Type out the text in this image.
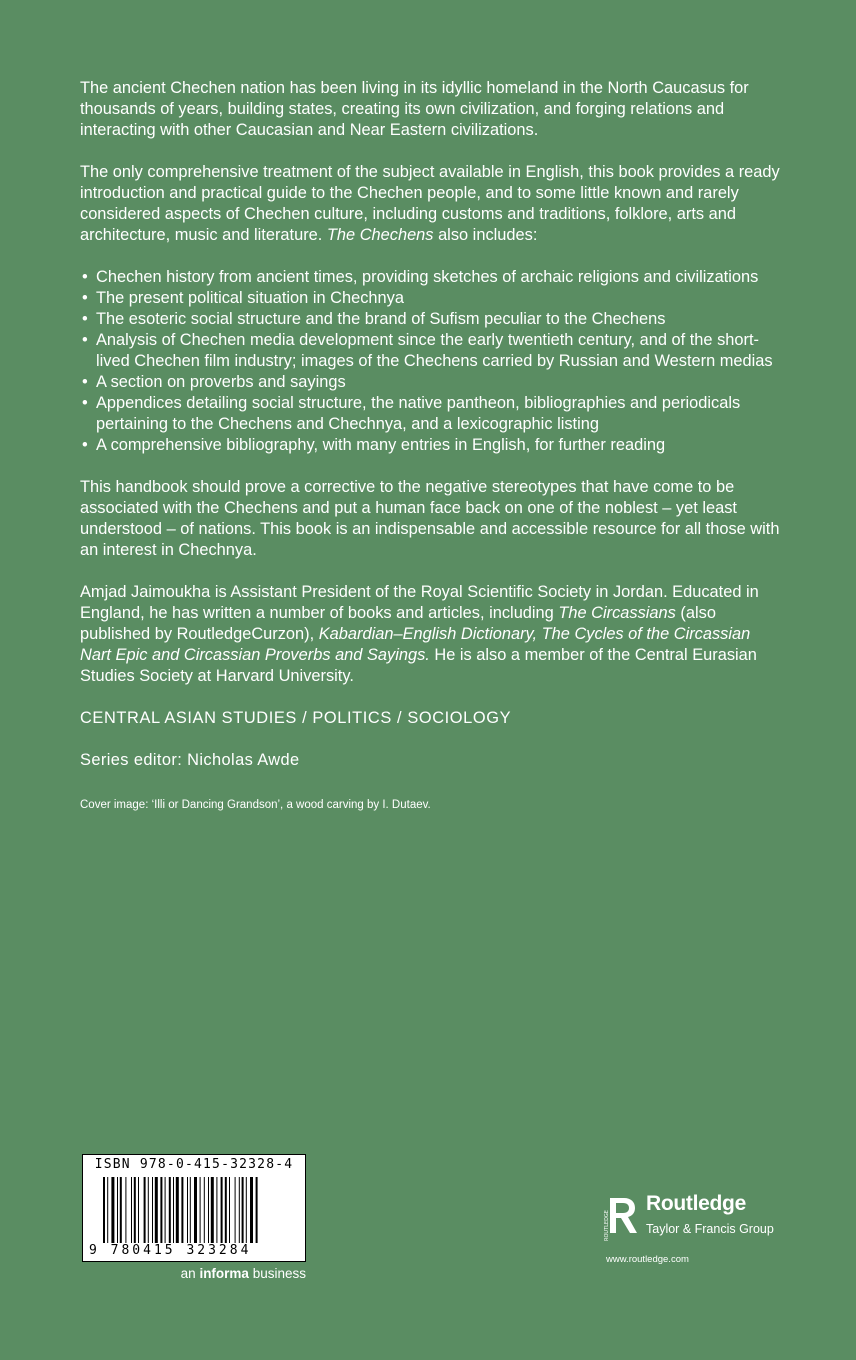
The ancient Chechen nation has been living in its idyllic homeland in the North Caucasus for thousands of years, building states, creating its own civilization, and forging relations and interacting with other Caucasian and Near Eastern civilizations.

The only comprehensive treatment of the subject available in English, this book provides a ready introduction and practical guide to the Chechen people, and to some little known and rarely considered aspects of Chechen culture, including customs and traditions, folklore, arts and architecture, music and literature. The Chechens also includes:

• Chechen history from ancient times, providing sketches of archaic religions and civilizations
• The present political situation in Chechnya
• The esoteric social structure and the brand of Sufism peculiar to the Chechens
• Analysis of Chechen media development since the early twentieth century, and of the short-lived Chechen film industry; images of the Chechens carried by Russian and Western medias
• A section on proverbs and sayings
• Appendices detailing social structure, the native pantheon, bibliographies and periodicals pertaining to the Chechens and Chechnya, and a lexicographic listing
• A comprehensive bibliography, with many entries in English, for further reading

This handbook should prove a corrective to the negative stereotypes that have come to be associated with the Chechens and put a human face back on one of the noblest – yet least understood – of nations. This book is an indispensable and accessible resource for all those with an interest in Chechnya.

Amjad Jaimoukha is Assistant President of the Royal Scientific Society in Jordan. Educated in England, he has written a number of books and articles, including The Circassians (also published by RoutledgeCurzon), Kabardian–English Dictionary, The Cycles of the Circassian Nart Epic and Circassian Proverbs and Sayings. He is also a member of the Central Eurasian Studies Society at Harvard University.

CENTRAL ASIAN STUDIES / POLITICS / SOCIOLOGY

Series editor: Nicholas Awde

Cover image: ‘Illi or Dancing Grandson’, a wood carving by I. Dutaev.

ISBN 978-0-415-32328-4
9 780415 323284
an informa business
ROUTLEDGE
Routledge
Taylor & Francis Group
www.routledge.com
